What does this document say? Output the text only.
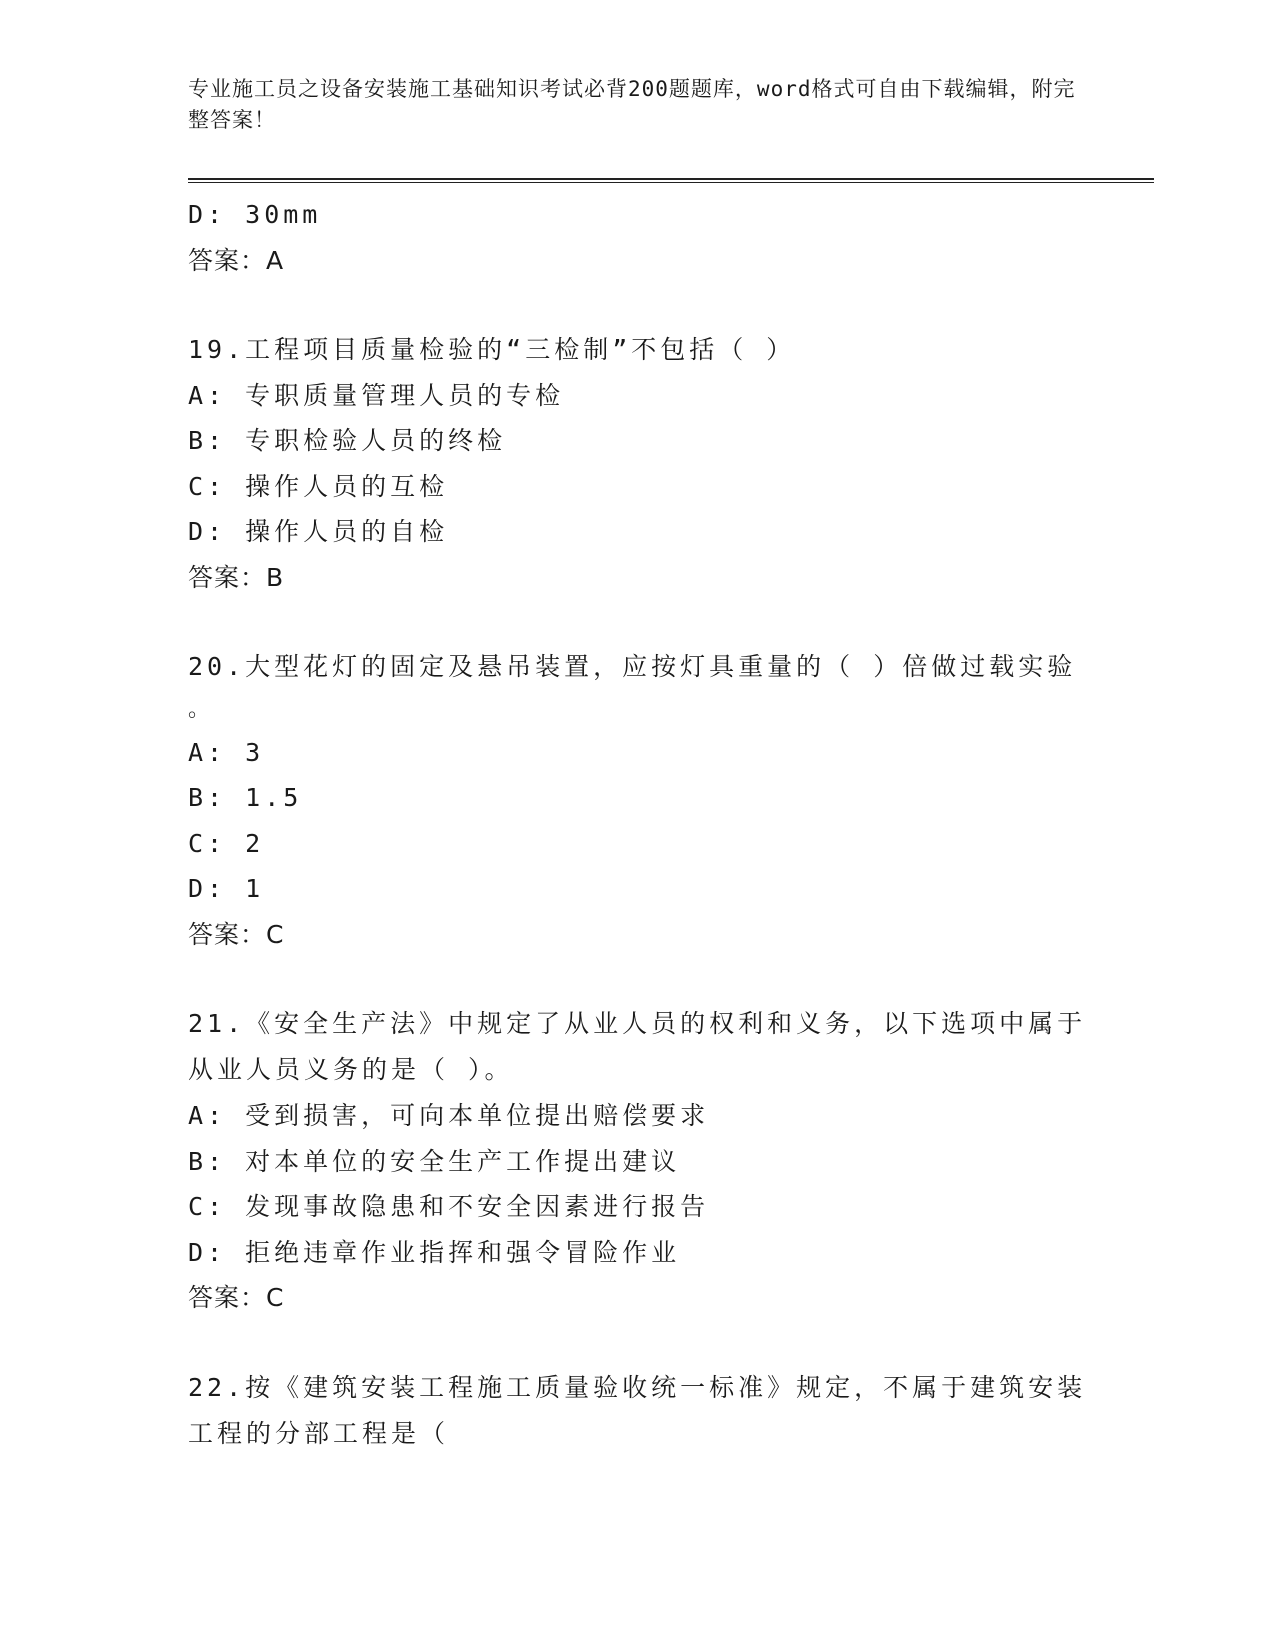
专业施工员之设备安装施工基础知识考试必背200题题库，word格式可自由下载编辑，附完整答案！
D: 30mm
答案：A
19.工程项目质量检验的“三检制”不包括（ ）
A: 专职质量管理人员的专检
B: 专职检验人员的终检
C: 操作人员的互检
D: 操作人员的自检
答案：B
20.大型花灯的固定及悬吊装置，应按灯具重量的（ ）倍做过载实验
。
A: 3
B: 1.5
C: 2
D: 1
答案：C
21.《安全生产法》中规定了从业人员的权利和义务，以下选项中属于从业人员义务的是（ ）。
A: 受到损害，可向本单位提出赔偿要求
B: 对本单位的安全生产工作提出建议
C: 发现事故隐患和不安全因素进行报告
D: 拒绝违章作业指挥和强令冒险作业
答案：C
22.按《建筑安装工程施工质量验收统一标准》规定，不属于建筑安装工程的分部工程是（
